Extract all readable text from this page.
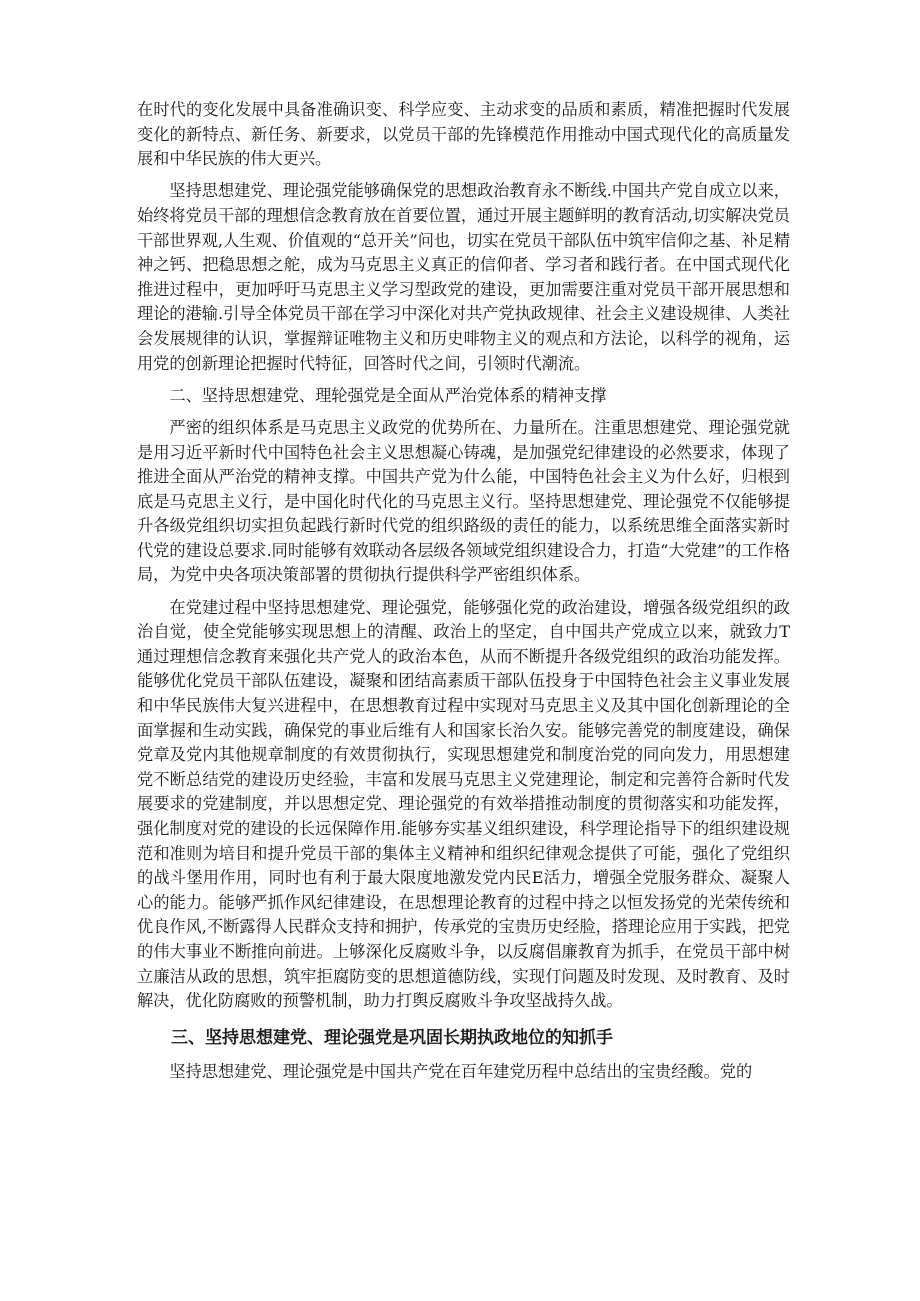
在时代的变化发展中具备准确识变、科学应变、主动求变的品质和素质，精准把握时代发展变化的新特点、新任务、新要求，以党员干部的先锋模范作用推动中国式现代化的高质量发展和中华民族的伟大更兴。

坚持思想建党、理论强党能够确保党的思想政治教育永不断线.中国共产党自成立以来，始终将党员干部的理想信念教育放在首要位置，通过开展主题鲜明的教育活动,切实解决党员干部世界观,人生观、价值观的“总开关”问也，切实在党员干部队伍中筑牢信仰之基、补足精神之钙、把稳思想之舵，成为马克思主义真正的信仰者、学习者和践行者。在中国式现代化推进过程中，更加呼吁马克思主义学习型政党的建设，更加需要注重对党员干部开展思想和理论的港输.引导全体党员干部在学习中深化对共产党执政规律、社会主义建设规律、人类社会发展规律的认识，掌握辩证唯物主义和历史啡物主义的观点和方法论，以科学的视角，运用党的创新理论把握时代特征，回答时代之间，引领时代潮流。

二、坚持思想建党、理轮强党是全面从严治党体系的精神支撑

严密的组织体系是马克思主义政党的优势所在、力量所在。注重思想建党、理论强党就是用习近平新时代中国特色社会主义思想凝心铸魂，是加强党纪律建设的必然要求，体现了推进全面从严治党的精神支撑。中国共产党为什么能，中国特色社会主义为什么好，归根到底是马克思主义行，是中国化时代化的马克思主义行。坚持思想建党、理论强党不仅能够提升各级党组织切实担负起践行新时代党的组织路级的责任的能力，以系统思维全面落实新时代党的建设总要求.同时能够有效联动各层级各领域党组织建设合力，打造“大党建”的工作格局，为党中央各项决策部署的贯彻执行提供科学严密组织体系。

在党建过程中坚持思想建党、理论强党，能够强化党的政治建设，增强各级党组织的政治自觉，使全党能够实现思想上的清醒、政治上的坚定，自中国共产党成立以来，就致力T通过理想信念教育来强化共产党人的政治本色，从而不断提升各级党组织的政治功能发挥。能够优化党员干部队伍建设，凝聚和团结高素质干部队伍投身于中国特色社会主义事业发展和中华民族伟大复兴进程中，在思想教育过程中实现对马克思主义及其中国化创新理论的全面掌握和生动实践，确保党的事业后维有人和国家长治久安。能够完善党的制度建设，确保党章及党内其他规章制度的有效贯彻执行，实现思想建党和制度治党的同向发力，用思想建党不断总结党的建设历史经验，丰富和发展马克思主义党建理论，制定和完善符合新时代发展要求的党建制度，并以思想定党、理论强党的有效举措推动制度的贯彻落实和功能发挥，强化制度对党的建设的长远保障作用.能够夯实基义组织建设，科学理论指导下的组织建设规范和准则为培目和提升党员干部的集体主义精神和组织纪律观念提供了可能，强化了党组织的战斗堡用作用，同时也有利于最大限度地激发党内民E活力，增强全党服务群众、凝聚人心的能力。能够严抓作风纪律建设，在思想理论教育的过程中持之以恒发扬党的光荣传统和优良作风,不断露得人民群众支持和拥护，传承党的宝贵历史经脸，搭理论应用于实践，把党的伟大事业不断推向前进。上够深化反腐败斗争，以反腐倡廉教育为抓手，在党员干部中树立廉洁从政的思想，筑牢拒腐防变的思想道德防线，实现仃问题及时发现、及时教育、及时解决，优化防腐败的预警机制，助力打舆反腐败斗争攻坚战持久战。

三、坚持思想建党、理论强党是巩固长期执政地位的知抓手

坚持思想建党、理论强党是中国共产党在百年建党历程中总结出的宝贵经酸。党的
